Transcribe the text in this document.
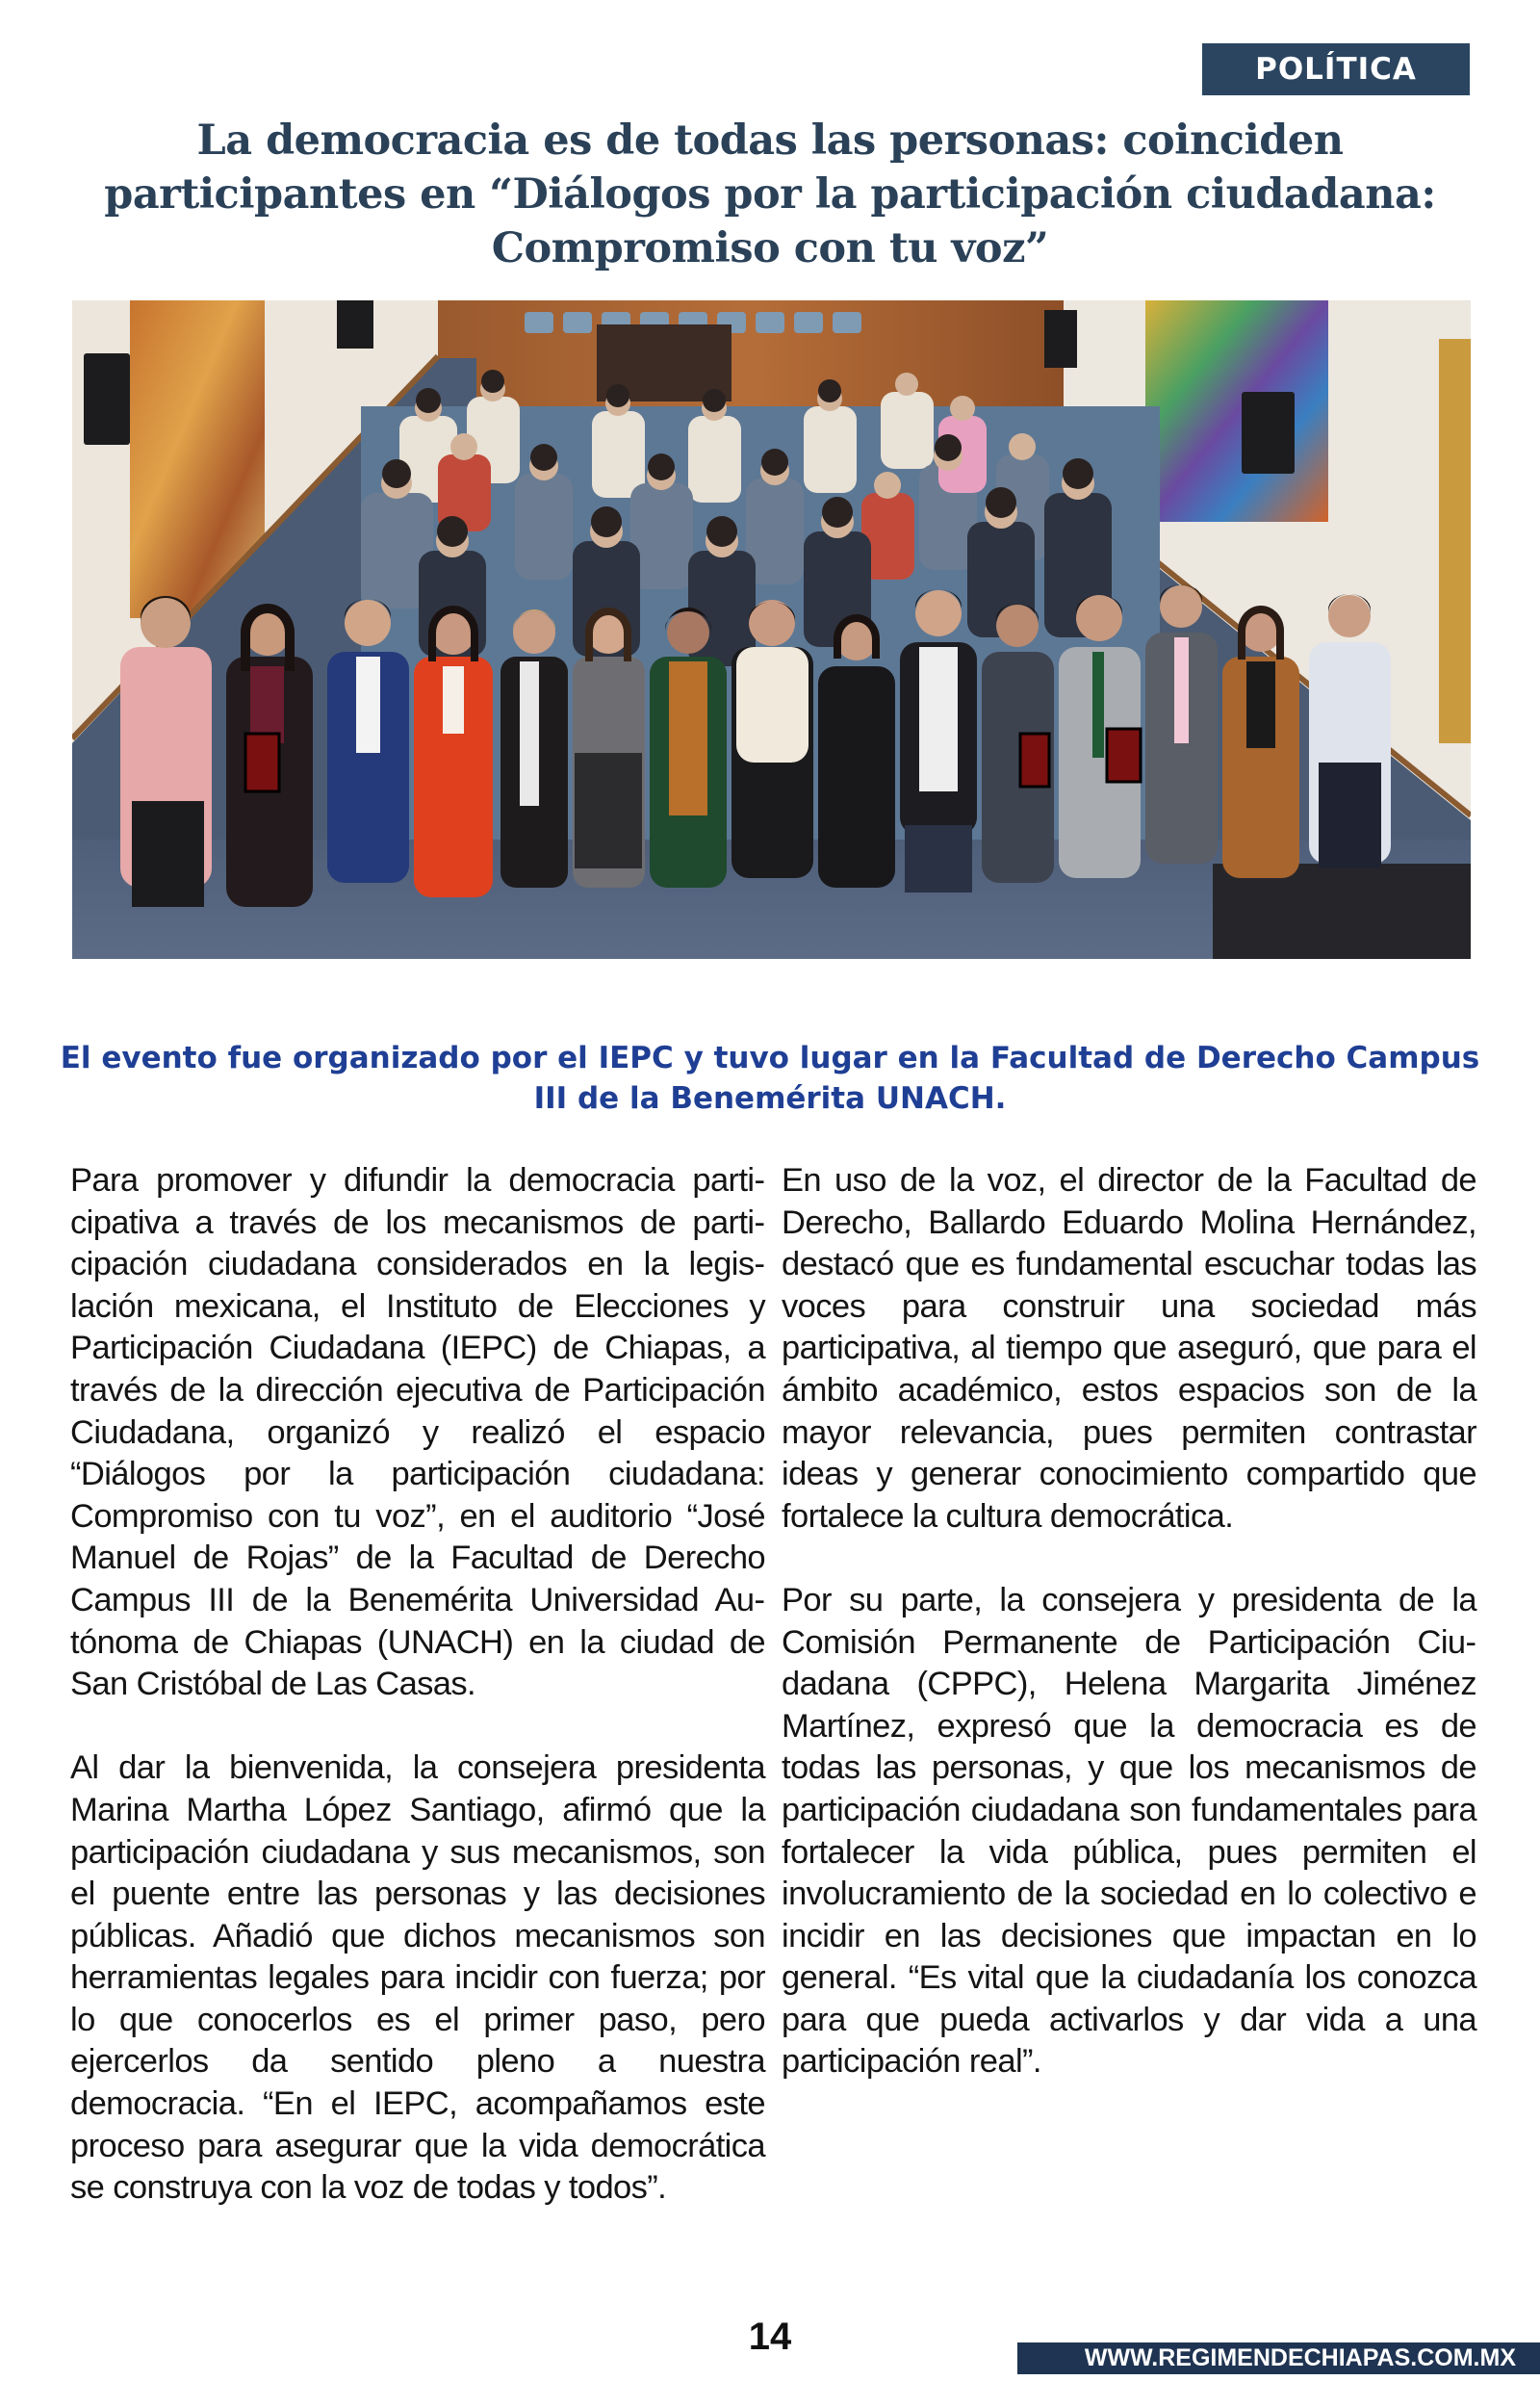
POLÍTICA
La democracia es de todas las personas: coinciden participantes en “Diálogos por la participación ciudadana: Compromiso con tu voz”

El evento fue organizado por el IEPC y tuvo lugar en la Facultad de Derecho Campus III de la Benemérita UNACH.

Para promover y difundir la democracia participativa a través de los mecanismos de participación ciudadana considerados en la legislación mexicana, el Instituto de Elecciones y Participación Ciudadana (IEPC) de Chiapas, a través de la dirección ejecutiva de Participación Ciudadana, organizó y realizó el espacio “Diálogos por la participación ciudadana: Compromiso con tu voz”, en el auditorio “José Manuel de Rojas” de la Facultad de Derecho Campus III de la Benemérita Universidad Autónoma de Chiapas (UNACH) en la ciudad de San Cristóbal de Las Casas.

Al dar la bienvenida, la consejera presidenta Marina Martha López Santiago, afirmó que la participación ciudadana y sus mecanismos, son el puente entre las personas y las decisiones públicas. Añadió que dichos mecanismos son herramientas legales para incidir con fuerza; por lo que conocerlos es el primer paso, pero ejercerlos da sentido pleno a nuestra democracia. “En el IEPC, acompañamos este proceso para asegurar que la vida democrática se construya con la voz de todas y todos”.

En uso de la voz, el director de la Facultad de Derecho, Ballardo Eduardo Molina Hernández, destacó que es fundamental escuchar todas las voces para construir una sociedad más participativa, al tiempo que aseguró, que para el ámbito académico, estos espacios son de la mayor relevancia, pues permiten contrastar ideas y generar conocimiento compartido que fortalece la cultura democrática.

Por su parte, la consejera y presidenta de la Comisión Permanente de Participación Ciudadana (CPPC), Helena Margarita Jiménez Martínez, expresó que la democracia es de todas las personas, y que los mecanismos de participación ciudadana son fundamentales para fortalecer la vida pública, pues permiten el involucramiento de la sociedad en lo colectivo e incidir en las decisiones que impactan en lo general. “Es vital que la ciudadanía los conozca para que pueda activarlos y dar vida a una participación real”.

14	WWW.REGIMENDECHIAPAS.COM.MX
